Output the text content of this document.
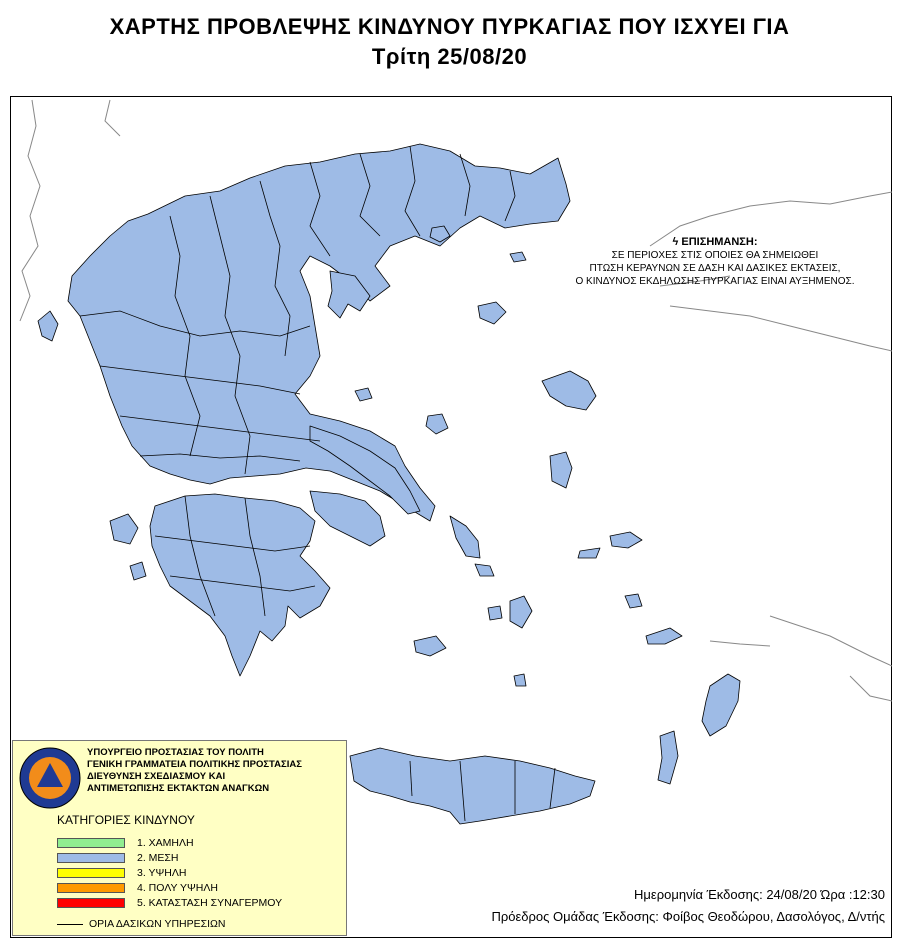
ΧΑΡΤΗΣ ΠΡΟΒΛΕΨΗΣ ΚΙΝΔΥΝΟΥ ΠΥΡΚΑΓΙΑΣ ΠΟΥ ΙΣΧΥΕΙ ΓΙΑ
Τρίτη 25/08/20
ϟ ΕΠΙΣΗΜΑΝΣΗ:
ΣΕ ΠΕΡΙΟΧΕΣ ΣΤΙΣ ΟΠΟΙΕΣ ΘΑ ΣΗΜΕΙΩΘΕΙ
ΠΤΩΣΗ ΚΕΡΑΥΝΩΝ ΣΕ ΔΑΣΗ ΚΑΙ ΔΑΣΙΚΕΣ ΕΚΤΑΣΕΙΣ,
Ο ΚΙΝΔΥΝΟΣ ΕΚΔΗΛΩΣΗΣ ΠΥΡΚΑΓΙΑΣ ΕΙΝΑΙ ΑΥΞΗΜΕΝΟΣ.
ΥΠΟΥΡΓΕΙΟ ΠΡΟΣΤΑΣΙΑΣ ΤΟΥ ΠΟΛΙΤΗ
ΓΕΝΙΚΗ ΓΡΑΜΜΑΤΕΙΑ ΠΟΛΙΤΙΚΗΣ ΠΡΟΣΤΑΣΙΑΣ
ΔΙΕΥΘΥΝΣΗ ΣΧΕΔΙΑΣΜΟΥ ΚΑΙ
ΑΝΤΙΜΕΤΩΠΙΣΗΣ ΕΚΤΑΚΤΩΝ ΑΝΑΓΚΩΝ
ΚΑΤΗΓΟΡΙΕΣ ΚΙΝΔΥΝΟΥ
1. ΧΑΜΗΛΗ
2. ΜΕΣΗ
3. ΥΨΗΛΗ
4. ΠΟΛΥ ΥΨΗΛΗ
5. ΚΑΤΑΣΤΑΣΗ ΣΥΝΑΓΕΡΜΟΥ
ΟΡΙΑ ΔΑΣΙΚΩΝ ΥΠΗΡΕΣΙΩΝ
Ημερομηνία Έκδοσης: 24/08/20 Ώρα :12:30
Πρόεδρος Ομάδας Έκδοσης: Φοίβος Θεοδώρου, Δασολόγος, Δ/ντής
